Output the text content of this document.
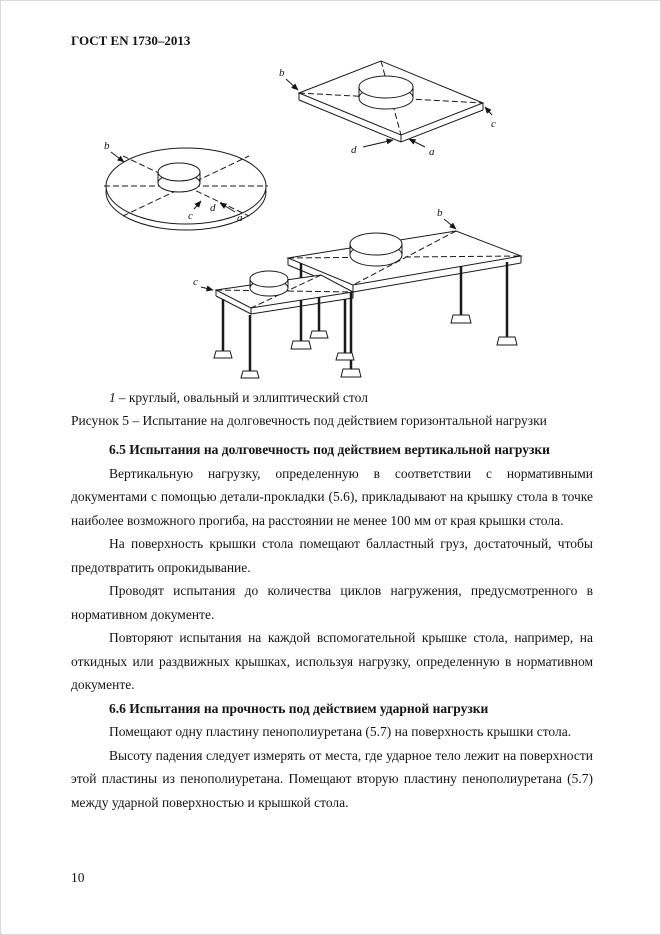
ГОСТ EN 1730–2013
b
c
a
d
b
c
d
a	b
c
1 – круглый, овальный и эллиптический стол
Рисунок 5 – Испытание на долговечность под действием горизонтальной нагрузки
6.5 Испытания на долговечность под действием вертикальной нагрузки

Вертикальную нагрузку, определенную в соответствии с нормативными документами с помощью детали-прокладки (5.6), прикладывают на крышку стола в точке наиболее возможного прогиба, на расстоянии не менее 100 мм от края крышки стола.

На поверхность крышки стола помещают балластный груз, достаточный, чтобы предотвратить опрокидывание.

Проводят испытания до количества циклов нагружения, предусмотренного в нормативном документе.

Повторяют испытания на каждой вспомогательной крышке стола, например, на откидных или раздвижных крышках, используя нагрузку, определенную в нормативном документе.

6.6 Испытания на прочность под действием ударной нагрузки

Помещают одну пластину пенополиуретана (5.7) на поверхность крышки стола.

Высоту падения следует измерять от места, где ударное тело лежит на поверхности этой пластины из пенополиуретана. Помещают вторую пластину пенополиуретана (5.7) между ударной поверхностью и крышкой стола.

10
